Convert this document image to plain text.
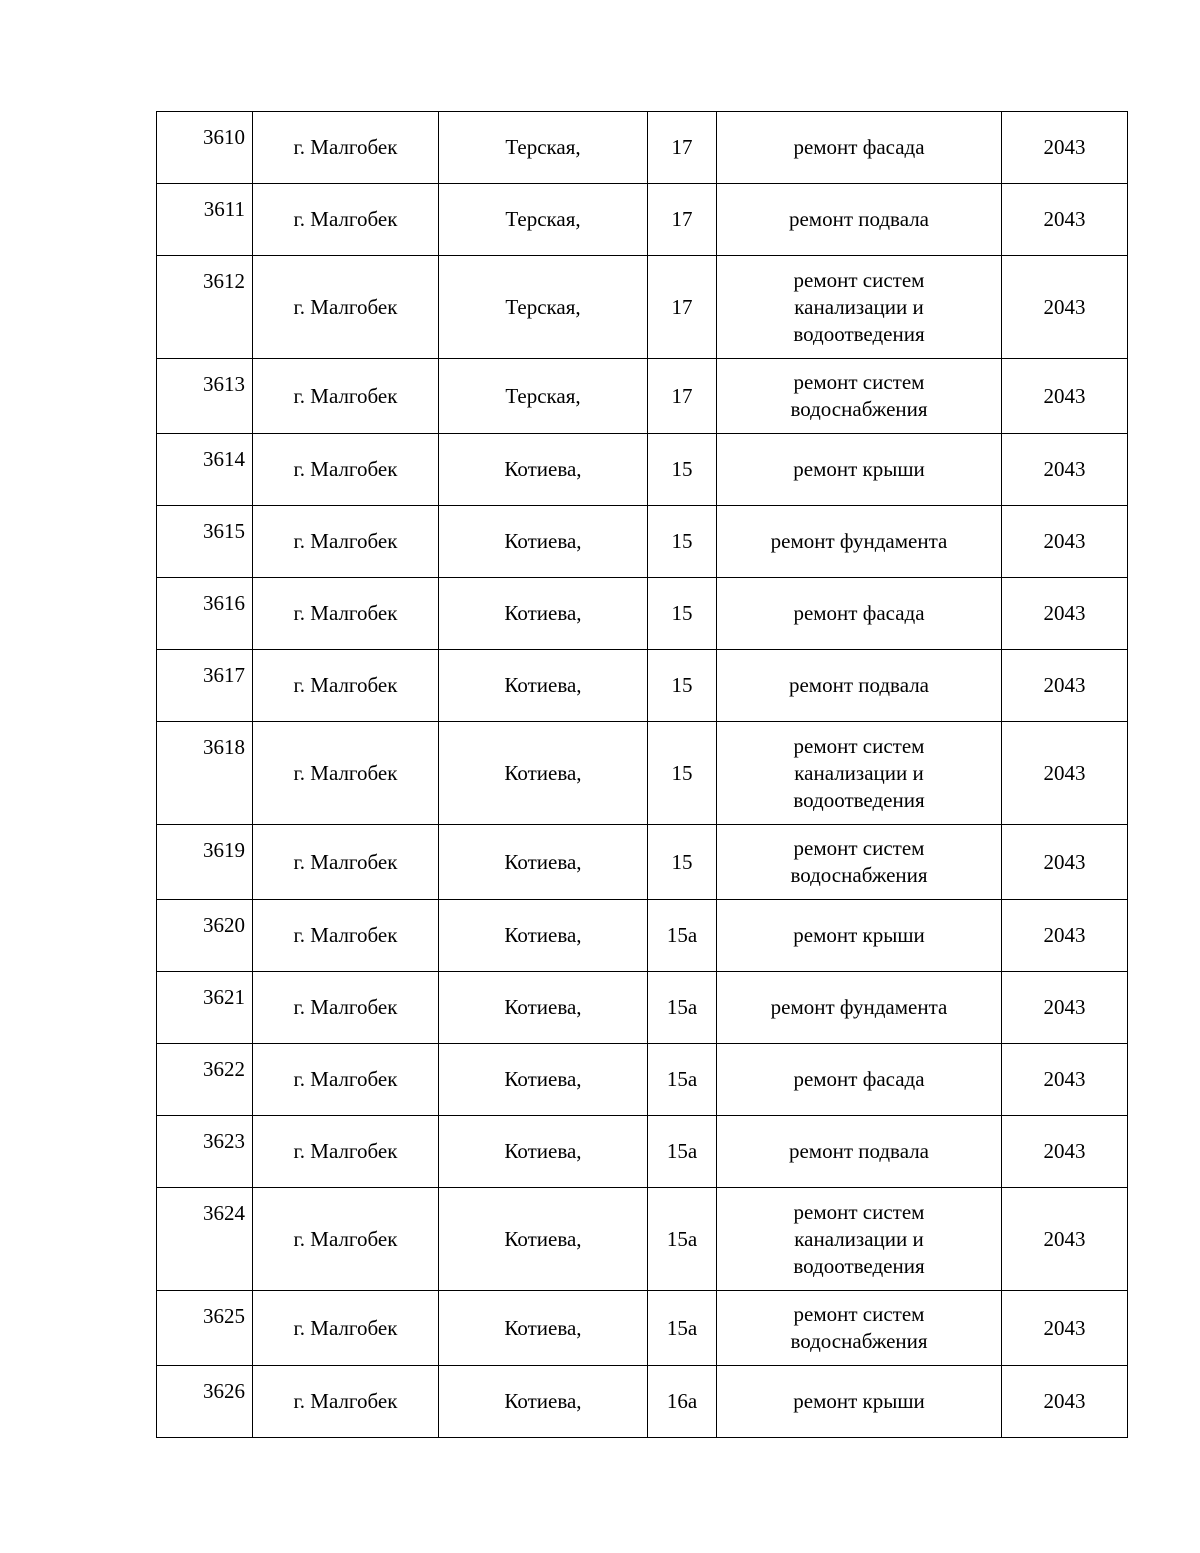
3610	г. Малгобек	Терская,	17	ремонт фасада	2043
3611	г. Малгобек	Терская,	17	ремонт подвала	2043
3612	г. Малгобек	Терская,	17	ремонт систем
канализации и
водоотведения	2043
3613	г. Малгобек	Терская,	17	ремонт систем
водоснабжения	2043
3614	г. Малгобек	Котиева,	15	ремонт крыши	2043
3615	г. Малгобек	Котиева,	15	ремонт фундамента	2043
3616	г. Малгобек	Котиева,	15	ремонт фасада	2043
3617	г. Малгобек	Котиева,	15	ремонт подвала	2043
3618	г. Малгобек	Котиева,	15	ремонт систем
канализации и
водоотведения	2043
3619	г. Малгобек	Котиева,	15	ремонт систем
водоснабжения	2043
3620	г. Малгобек	Котиева,	15а	ремонт крыши	2043
3621	г. Малгобек	Котиева,	15а	ремонт фундамента	2043
3622	г. Малгобек	Котиева,	15а	ремонт фасада	2043
3623	г. Малгобек	Котиева,	15а	ремонт подвала	2043
3624	г. Малгобек	Котиева,	15а	ремонт систем
канализации и
водоотведения	2043
3625	г. Малгобек	Котиева,	15а	ремонт систем
водоснабжения	2043
3626	г. Малгобек	Котиева,	16а	ремонт крыши	2043
